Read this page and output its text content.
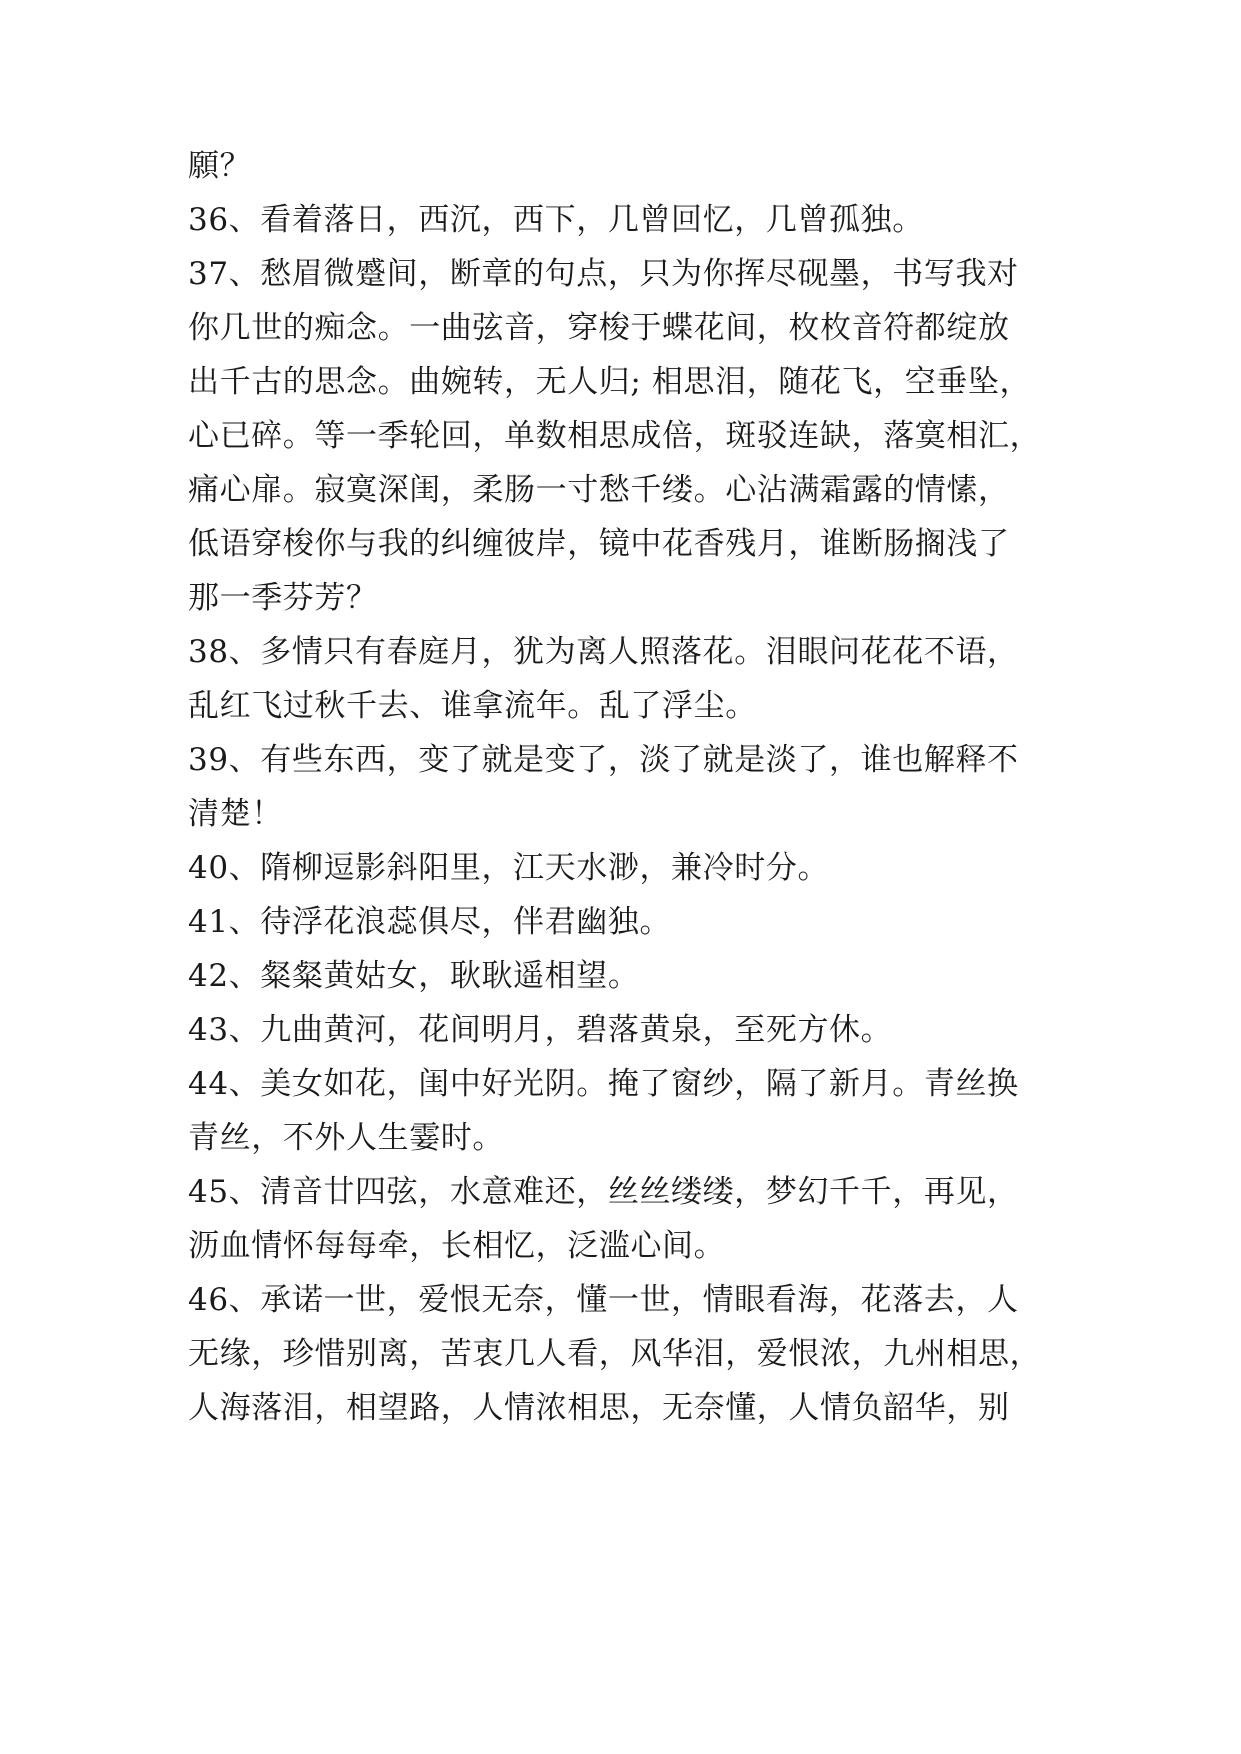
願？
36、看着落日，西沉，西下，几曾回忆，几曾孤独。
37、愁眉微蹙间，断章的句点，只为你挥尽砚墨，书写我对
你几世的痴念。一曲弦音，穿梭于蝶花间，枚枚音符都绽放
出千古的思念。曲婉转，无人归; 相思泪，随花飞，空垂坠，
心已碎。等一季轮回，单数相思成倍，斑驳连缺，落寞相汇，
痛心扉。寂寞深闺，柔肠一寸愁千缕。心沾满霜露的情愫，
低语穿梭你与我的纠缠彼岸，镜中花香残月，谁断肠搁浅了
那一季芬芳？
38、多情只有春庭月，犹为离人照落花。泪眼问花花不语，
乱红飞过秋千去、谁拿流年。乱了浮尘。
39、有些东西，变了就是变了，淡了就是淡了，谁也解释不
清楚！
40、隋柳逗影斜阳里，江天水渺，兼冷时分。
41、待浮花浪蕊俱尽，伴君幽独。
42、粲粲黄姑女，耿耿遥相望。
43、九曲黄河，花间明月，碧落黄泉，至死方休。
44、美女如花，闺中好光阴。掩了窗纱，隔了新月。青丝换
青丝，不外人生霎时。
45、清音廿四弦，水意难还，丝丝缕缕，梦幻千千，再见，
沥血情怀每每牵，长相忆，泛滥心间。
46、承诺一世，爱恨无奈，懂一世，情眼看海，花落去，人
无缘，珍惜别离，苦衷几人看，风华泪，爱恨浓，九州相思，
人海落泪，相望路，人情浓相思，无奈懂，人情负韶华，别
